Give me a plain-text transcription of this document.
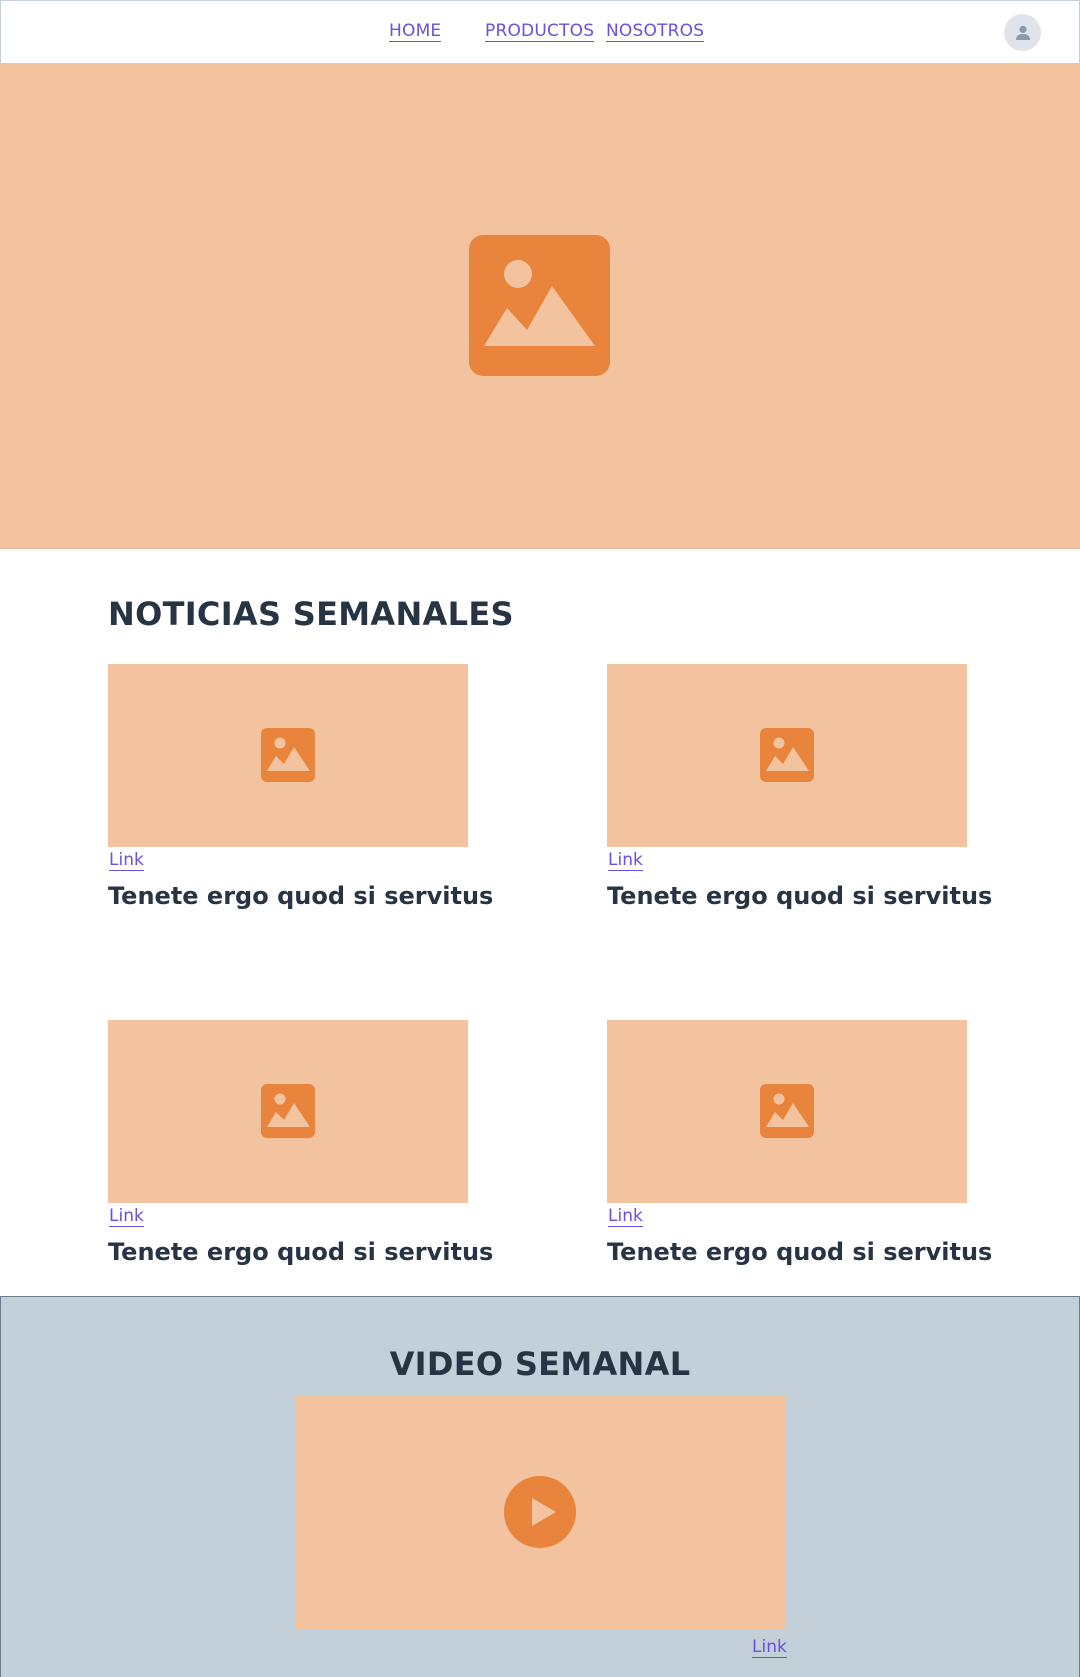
HOME	PRODUCTOS NOSOTROS
NOTICIAS SEMANALES
Link
Tenete ergo quod si servitus
Link
Tenete ergo quod si servitus
Link
Tenete ergo quod si servitus
Link
Tenete ergo quod si servitus
VIDEO SEMANAL
Link
